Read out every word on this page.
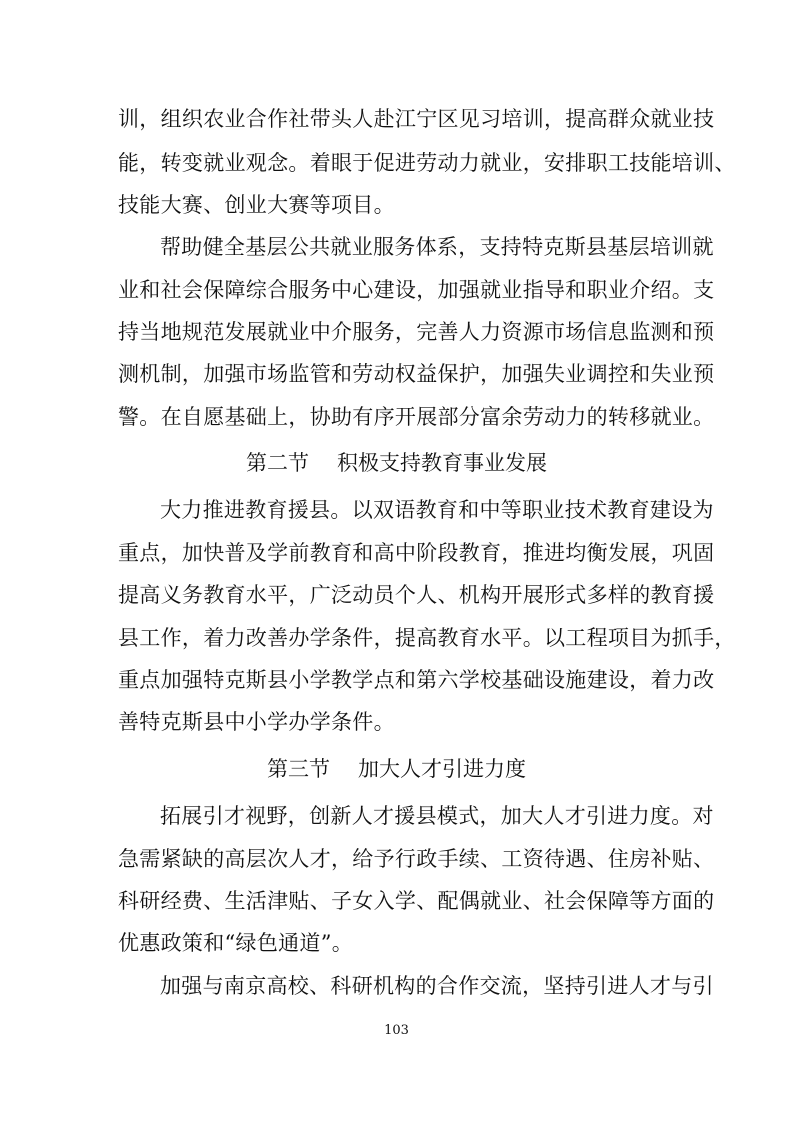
训，组织农业合作社带头人赴江宁区见习培训，提高群众就业技
能，转变就业观念。着眼于促进劳动力就业，安排职工技能培训、
技能大赛、创业大赛等项目。
帮助健全基层公共就业服务体系，支持特克斯县基层培训就
业和社会保障综合服务中心建设，加强就业指导和职业介绍。支
持当地规范发展就业中介服务，完善人力资源市场信息监测和预
测机制，加强市场监管和劳动权益保护，加强失业调控和失业预
警。在自愿基础上，协助有序开展部分富余劳动力的转移就业。
第二节 积极支持教育事业发展
大力推进教育援县。以双语教育和中等职业技术教育建设为
重点，加快普及学前教育和高中阶段教育，推进均衡发展，巩固
提高义务教育水平，广泛动员个人、机构开展形式多样的教育援
县工作，着力改善办学条件，提高教育水平。以工程项目为抓手，
重点加强特克斯县小学教学点和第六学校基础设施建设，着力改
善特克斯县中小学办学条件。
第三节 加大人才引进力度
拓展引才视野，创新人才援县模式，加大人才引进力度。对
急需紧缺的高层次人才，给予行政手续、工资待遇、住房补贴、
科研经费、生活津贴、子女入学、配偶就业、社会保障等方面的
优惠政策和“绿色通道”。
加强与南京高校、科研机构的合作交流，坚持引进人才与引
103
